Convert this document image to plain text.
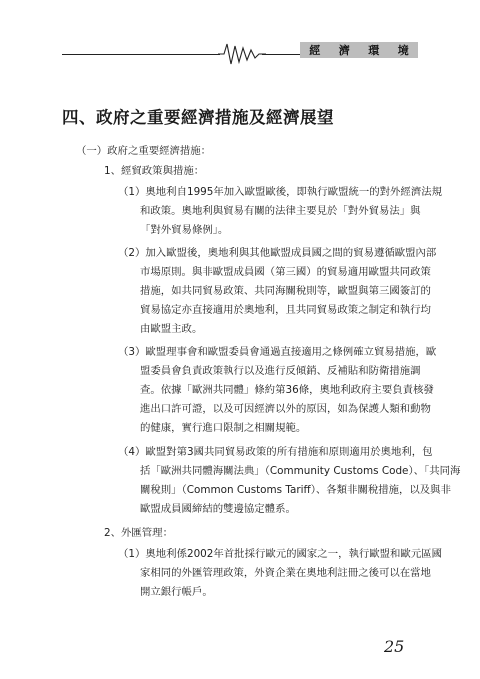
經 濟 環 境
四、政府之重要經濟措施及經濟展望
（一）政府之重要經濟措施：
1、經貿政策與措施：
（1）奧地利自1995年加入歐盟歐後，即執行歐盟統一的對外經濟法規
和政策。奧地利與貿易有關的法律主要見於「對外貿易法」與
「對外貿易條例」。
（2）加入歐盟後，奧地利與其他歐盟成員國之間的貿易遵循歐盟內部
市場原則。與非歐盟成員國（第三國）的貿易適用歐盟共同政策
措施，如共同貿易政策、共同海關稅則等，歐盟與第三國簽訂的
貿易協定亦直接適用於奧地利，且共同貿易政策之制定和執行均
由歐盟主政。
（3）歐盟理事會和歐盟委員會通過直接適用之條例確立貿易措施，歐
盟委員會負責政策執行以及進行反傾銷、反補貼和防衛措施調
查。依據「歐洲共同體」條約第36條，奧地利政府主要負責核發
進出口許可證，以及可因經濟以外的原因，如為保護人類和動物
的健康，實行進口限制之相關規範。
（4）歐盟對第3國共同貿易政策的所有措施和原則適用於奧地利，包
括「歐洲共同體海關法典」（Community Customs Code）、「共同海
關稅則」（Common Customs Tariff）、各類非關稅措施，以及與非
歐盟成員國締結的雙邊協定體系。
2、外匯管理：
（1）奧地利係2002年首批採行歐元的國家之一，執行歐盟和歐元區國
家相同的外匯管理政策，外資企業在奧地利註冊之後可以在當地
開立銀行帳戶。
25
